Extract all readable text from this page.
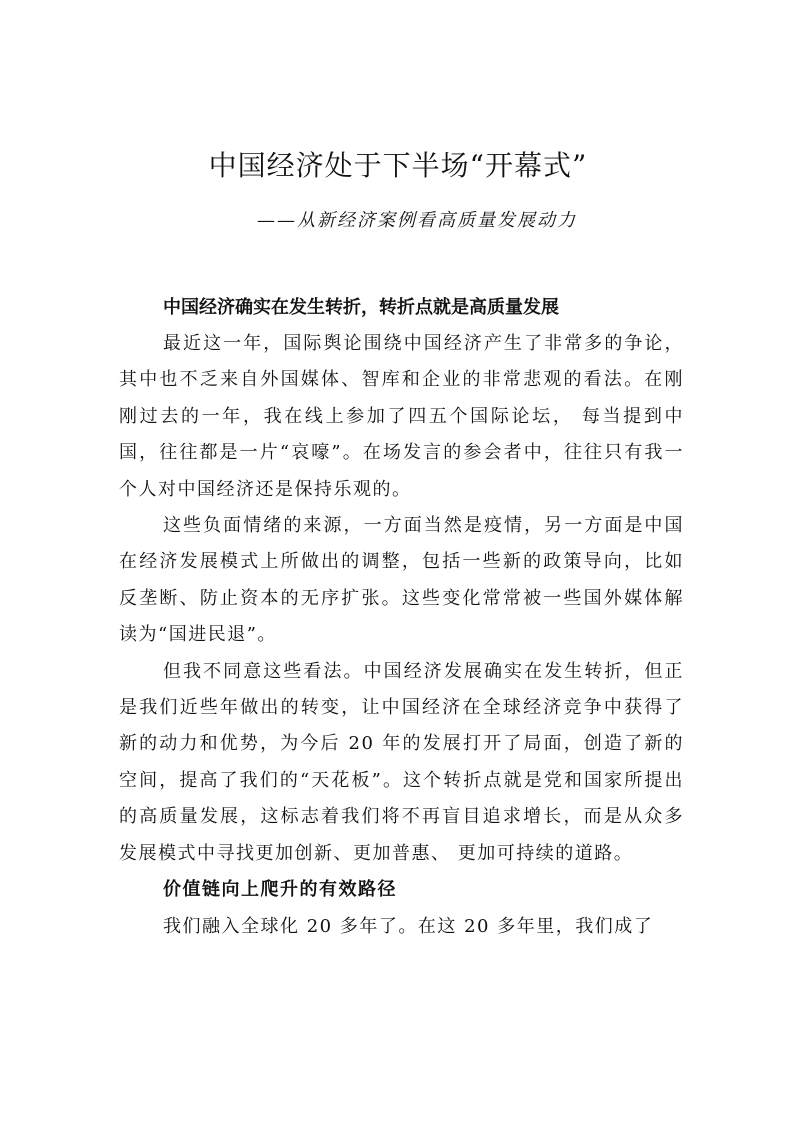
中国经济处于下半场“开幕式”
——从新经济案例看高质量发展动力
中国经济确实在发生转折，转折点就是高质量发展

最近这一年，国际舆论围绕中国经济产生了非常多的争论，其中也不乏来自外国媒体、智库和企业的非常悲观的看法。在刚刚过去的一年，我在线上参加了四五个国际论坛， 每当提到中国，往往都是一片“哀嚎”。在场发言的参会者中，往往只有我一个人对中国经济还是保持乐观的。

这些负面情绪的来源，一方面当然是疫情，另一方面是中国在经济发展模式上所做出的调整，包括一些新的政策导向，比如反垄断、防止资本的无序扩张。这些变化常常被一些国外媒体解读为“国进民退”。

但我不同意这些看法。中国经济发展确实在发生转折，但正是我们近些年做出的转变，让中国经济在全球经济竞争中获得了新的动力和优势，为今后 20 年的发展打开了局面，创造了新的空间，提高了我们的“天花板”。这个转折点就是党和国家所提出的高质量发展，这标志着我们将不再盲目追求增长，而是从众多发展模式中寻找更加创新、更加普惠、 更加可持续的道路。

价值链向上爬升的有效路径

我们融入全球化 20 多年了。在这 20 多年里，我们成了
